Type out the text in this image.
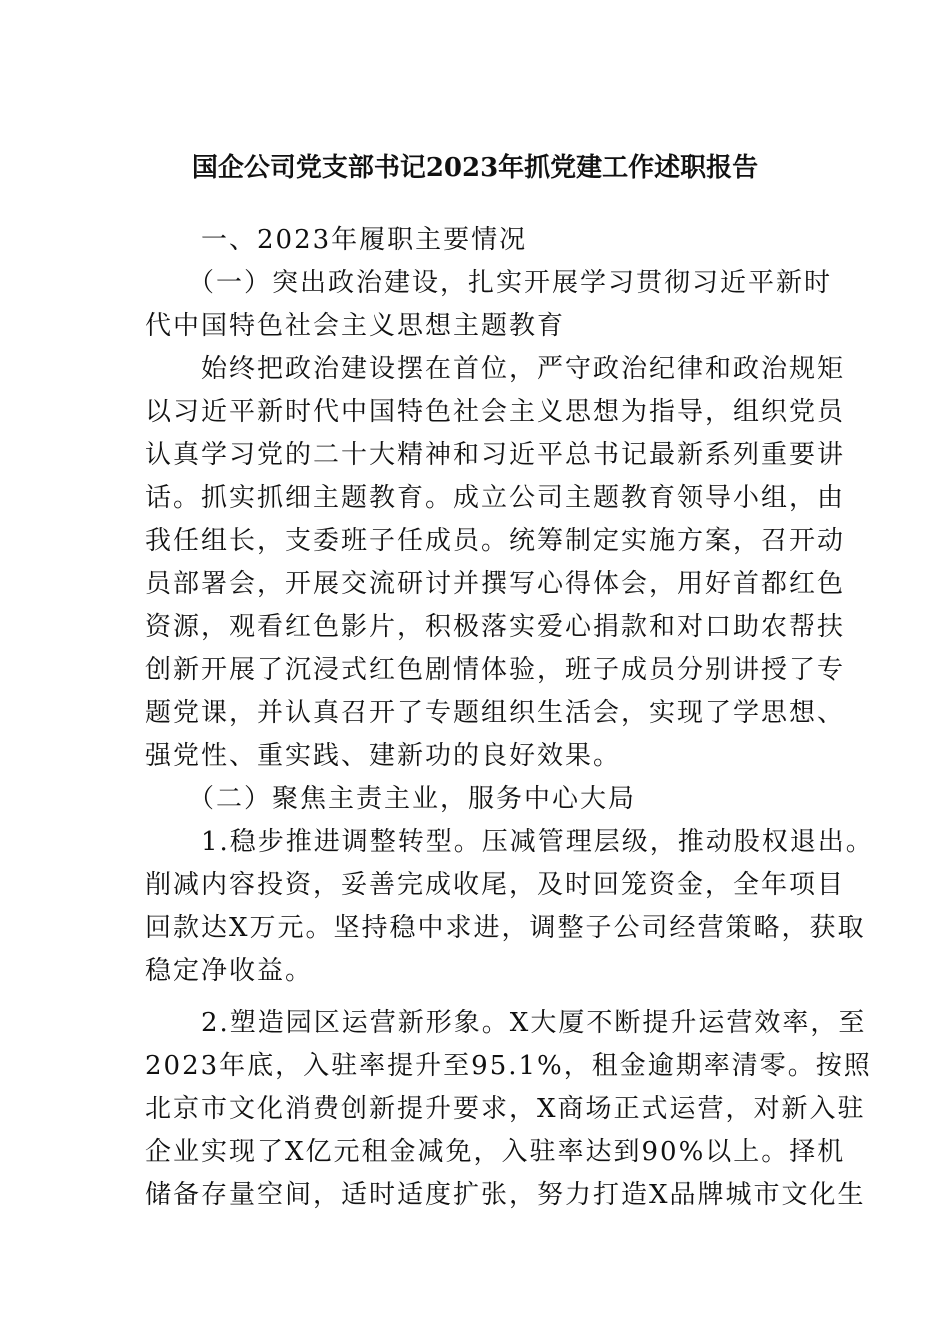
国企公司党支部书记2023年抓党建工作述职报告
　　一、2023年履职主要情况
　　（一）突出政治建设，扎实开展学习贯彻习近平新时
代中国特色社会主义思想主题教育
　　始终把政治建设摆在首位，严守政治纪律和政治规矩
以习近平新时代中国特色社会主义思想为指导，组织党员
认真学习党的二十大精神和习近平总书记最新系列重要讲
话。抓实抓细主题教育。成立公司主题教育领导小组，由
我任组长，支委班子任成员。统筹制定实施方案，召开动
员部署会，开展交流研讨并撰写心得体会，用好首都红色
资源，观看红色影片，积极落实爱心捐款和对口助农帮扶
创新开展了沉浸式红色剧情体验，班子成员分别讲授了专
题党课，并认真召开了专题组织生活会，实现了学思想、
强党性、重实践、建新功的良好效果。
　　（二）聚焦主责主业，服务中心大局
　　1.稳步推进调整转型。压减管理层级，推动股权退出。
削减内容投资，妥善完成收尾，及时回笼资金，全年项目
回款达X万元。坚持稳中求进，调整子公司经营策略，获取
稳定净收益。
　　2.塑造园区运营新形象。X大厦不断提升运营效率，至
2023年底，入驻率提升至95.1%，租金逾期率清零。按照
北京市文化消费创新提升要求，X商场正式运营，对新入驻
企业实现了X亿元租金减免，入驻率达到90%以上。择机
储备存量空间，适时适度扩张，努力打造X品牌城市文化生
